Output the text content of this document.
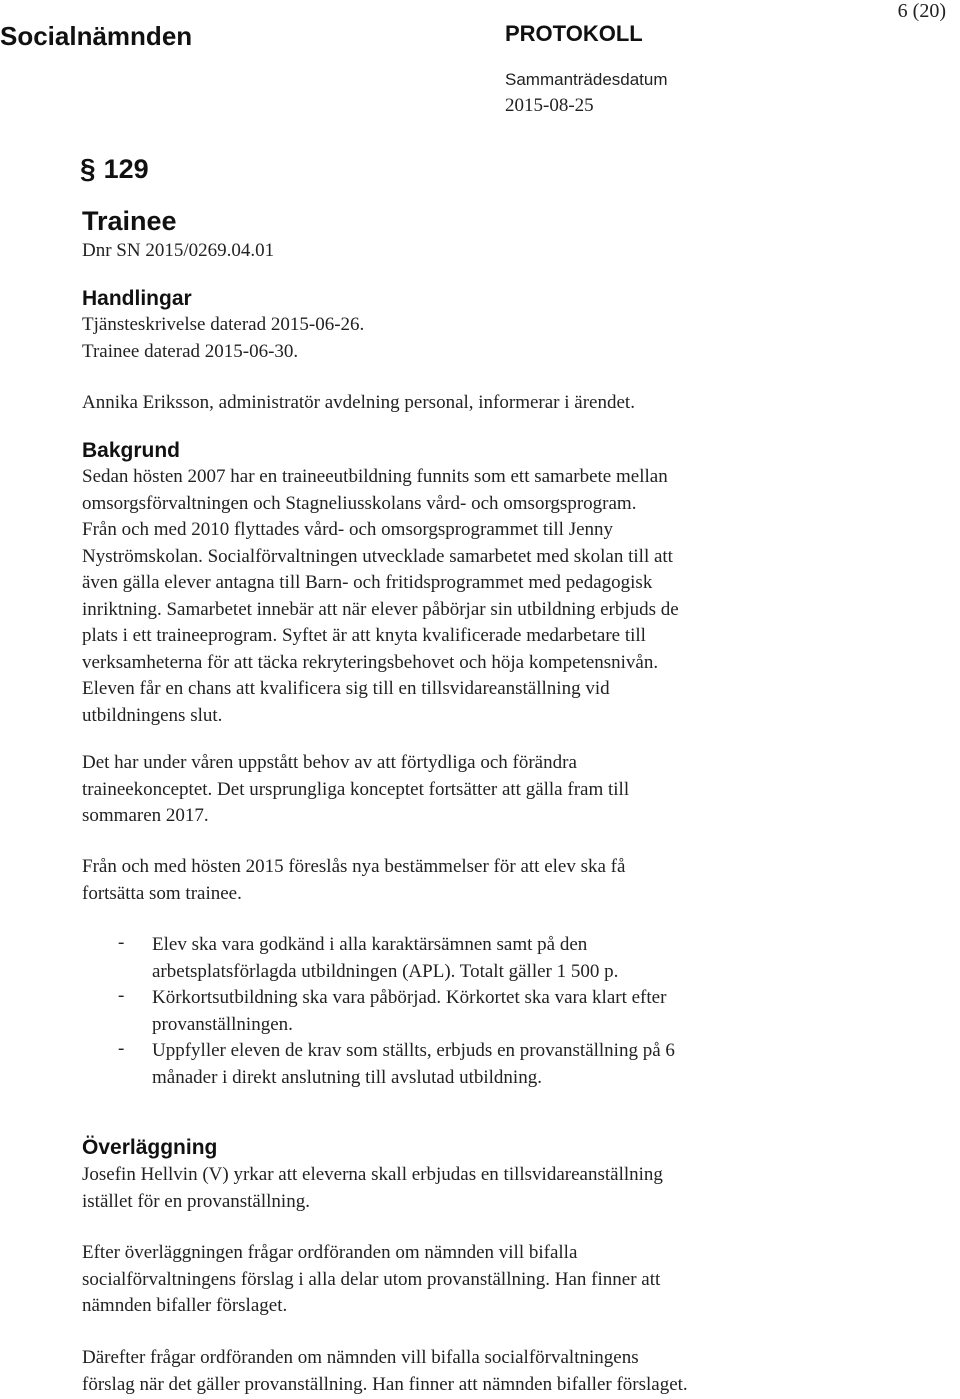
Socialnämnden	PROTOKOLL
6 (20)
Sammanträdesdatum
2015-08-25
§ 129
Trainee
Dnr SN 2015/0269.04.01
Handlingar
Tjänsteskrivelse daterad 2015-06-26.
Trainee daterad 2015-06-30.
Annika Eriksson, administratör avdelning personal, informerar i ärendet.
Bakgrund
Sedan hösten 2007 har en traineeutbildning funnits som ett samarbete mellan
omsorgsförvaltningen och Stagneliusskolans vård- och omsorgsprogram.
Från och med 2010 flyttades vård- och omsorgsprogrammet till Jenny
Nyströmskolan. Socialförvaltningen utvecklade samarbetet med skolan till att
även gälla elever antagna till Barn- och fritidsprogrammet med pedagogisk
inriktning. Samarbetet innebär att när elever påbörjar sin utbildning erbjuds de
plats i ett traineeprogram. Syftet är att knyta kvalificerade medarbetare till
verksamheterna för att täcka rekryteringsbehovet och höja kompetensnivån.
Eleven får en chans att kvalificera sig till en tillsvidareanställning vid
utbildningens slut.
Det har under våren uppstått behov av att förtydliga och förändra
traineekonceptet. Det ursprungliga konceptet fortsätter att gälla fram till
sommaren 2017.
Från och med hösten 2015 föreslås nya bestämmelser för att elev ska få
fortsätta som trainee.
- Elev ska vara godkänd i alla karaktärsämnen samt på den
arbetsplatsförlagda utbildningen (APL). Totalt gäller 1 500 p.
- Körkortsutbildning ska vara påbörjad. Körkortet ska vara klart efter
provanställningen.
- Uppfyller eleven de krav som ställts, erbjuds en provanställning på 6
månader i direkt anslutning till avslutad utbildning.
Överläggning
Josefin Hellvin (V) yrkar att eleverna skall erbjudas en tillsvidareanställning
istället för en provanställning.
Efter överläggningen frågar ordföranden om nämnden vill bifalla
socialförvaltningens förslag i alla delar utom provanställning. Han finner att
nämnden bifaller förslaget.
Därefter frågar ordföranden om nämnden vill bifalla socialförvaltningens
förslag när det gäller provanställning. Han finner att nämnden bifaller förslaget.
